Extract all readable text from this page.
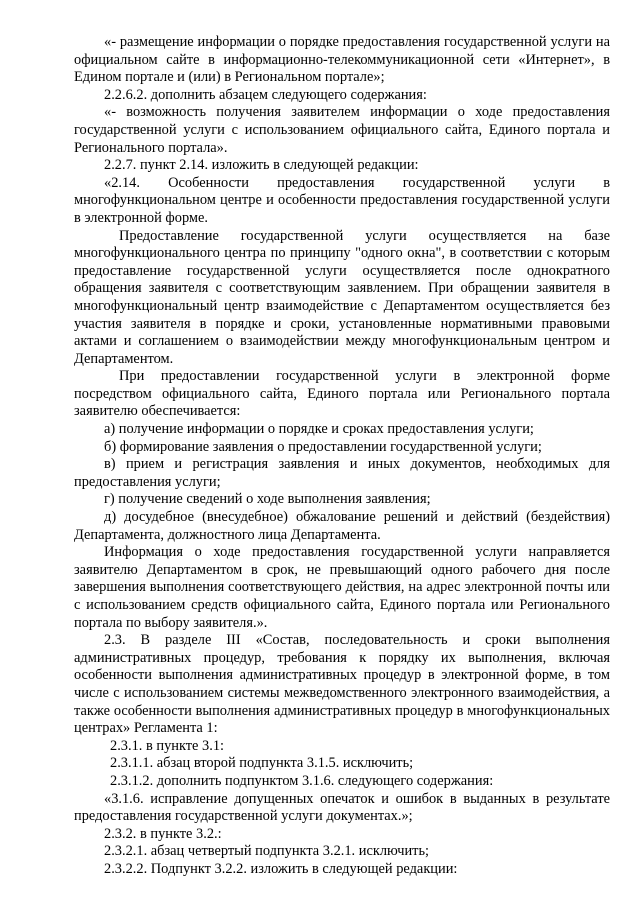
«- размещение информации о порядке предоставления государственной услуги на официальном сайте в информационно-телекоммуникационной сети «Интернет», в Едином портале и (или) в Региональном портале»;

2.2.6.2. дополнить абзацем следующего содержания:

«- возможность получения заявителем информации о ходе предоставления государственной услуги с использованием официального сайта, Единого портала и Регионального портала».

2.2.7. пункт 2.14. изложить в следующей редакции:

«2.14. Особенности предоставления государственной услуги в многофункциональном центре и особенности предоставления государственной услуги в электронной форме.

Предоставление государственной услуги осуществляется на базе многофункционального центра по принципу "одного окна", в соответствии с которым предоставление государственной услуги осуществляется после однократного обращения заявителя с соответствующим заявлением. При обращении заявителя в многофункциональный центр взаимодействие с Департаментом осуществляется без участия заявителя в порядке и сроки, установленные нормативными правовыми актами и соглашением о взаимодействии между многофункциональным центром и Департаментом.

При предоставлении государственной услуги в электронной форме посредством официального сайта, Единого портала или Регионального портала заявителю обеспечивается:

а) получение информации о порядке и сроках предоставления услуги;

б) формирование заявления о предоставлении государственной услуги;

в) прием и регистрация заявления и иных документов, необходимых для предоставления услуги;

г) получение сведений о ходе выполнения заявления;

д) досудебное (внесудебное) обжалование решений и действий (бездействия) Департамента, должностного лица Департамента.

Информация о ходе предоставления государственной услуги направляется заявителю Департаментом в срок, не превышающий одного рабочего дня после завершения выполнения соответствующего действия, на адрес электронной почты или с использованием средств официального сайта, Единого портала или Регионального портала по выбору заявителя.».

2.3. В разделе III «Состав, последовательность и сроки выполнения административных процедур, требования к порядку их выполнения, включая особенности выполнения административных процедур в электронной форме, в том числе с использованием системы межведомственного электронного взаимодействия, а также особенности выполнения административных процедур в многофункциональных центрах» Регламента 1:

2.3.1. в пункте 3.1:

2.3.1.1. абзац второй подпункта 3.1.5. исключить;

2.3.1.2. дополнить подпунктом 3.1.6. следующего содержания:

«3.1.6. исправление допущенных опечаток и ошибок в выданных в результате предоставления государственной услуги документах.»;

2.3.2. в пункте 3.2.:

2.3.2.1. абзац четвертый подпункта 3.2.1. исключить;

2.3.2.2. Подпункт 3.2.2. изложить в следующей редакции:
